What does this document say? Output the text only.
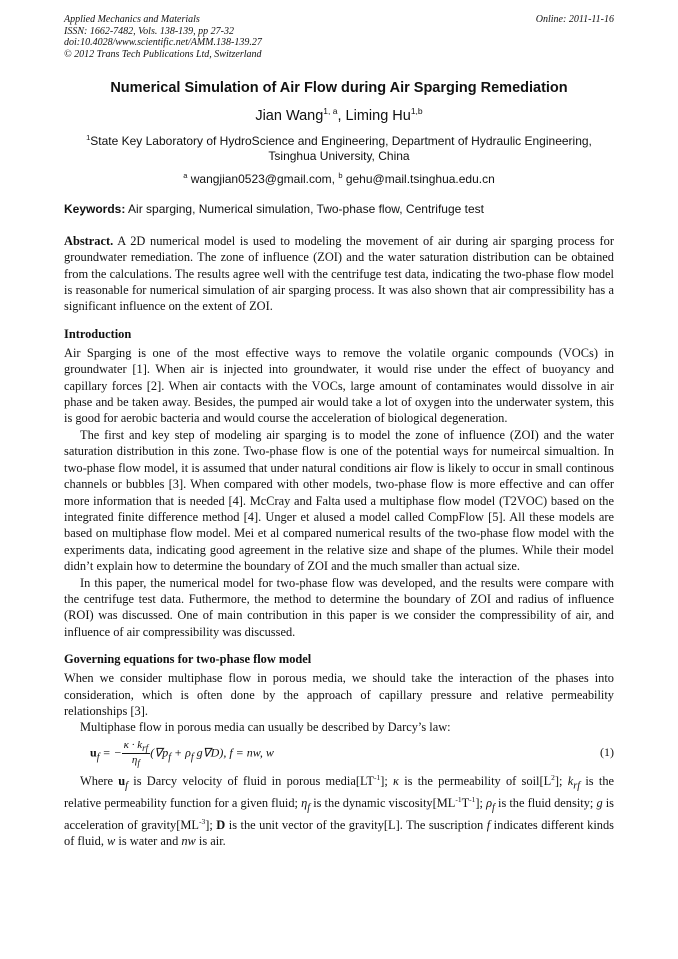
Applied Mechanics and Materials
ISSN: 1662-7482, Vols. 138-139, pp 27-32
doi:10.4028/www.scientific.net/AMM.138-139.27
© 2012 Trans Tech Publications Ltd, Switzerland
Online: 2011-11-16
Numerical Simulation of Air Flow during Air Sparging Remediation
Jian Wang$^{1, a}$, Liming Hu$^{1,b}$
$^1$State Key Laboratory of HydroScience and Engineering, Department of Hydraulic Engineering,
Tsinghua University, China
$^a$ wangjian0523@gmail.com, $^b$ gehu@mail.tsinghua.edu.cn
Keywords: Air sparging, Numerical simulation, Two-phase flow, Centrifuge test

Abstract. A 2D numerical model is used to modeling the movement of air during air sparging process for groundwater remediation. The zone of influence (ZOI) and the water saturation distribution can be obtained from the calculations. The results agree well with the centrifuge test data, indicating the two-phase flow model is reasonable for numerical simulation of air sparging process. It was also shown that air compressibility has a significant influence on the extent of ZOI.

Introduction

Air Sparging is one of the most effective ways to remove the volatile organic compounds (VOCs) in groundwater [1]. When air is injected into groundwater, it would rise under the effect of buoyancy and capillary forces [2]. When air contacts with the VOCs, large amount of contaminates would dissolve in air phase and be taken away. Besides, the pumped air would take a lot of oxygen into the underwater system, this is good for aerobic bacteria and would course the acceleration of biological degeneration.

The first and key step of modeling air sparging is to model the zone of influence (ZOI) and the water saturation distribution in this zone. Two-phase flow is one of the potential ways for numeircal simualtion. In two-phase flow model, it is assumed that under natural conditions air flow is likely to occur in small continous channels or bubbles [3]. When compared with other models, two-phase flow is more effective and can offer more information that is needed [4]. McCray and Falta used a multiphase flow model (T2VOC) based on the integrated finite difference method [4]. Unger et alused a model called CompFlow [5]. All these models are based on multiphase flow model. Mei et al compared numerical results of the two-phase flow model with the experiments data, indicating good agreement in the relative size and shape of the plumes. While their model didn’t explain how to determine the boundary of ZOI and the much smaller than actual size.

In this paper, the numerical model for two-phase flow was developed, and the results were compare with the centrifuge test data. Futhermore, the method to determine the boundary of ZOI and radius of influence (ROI) was discussed. One of main contribution in this paper is we consider the compressibility of air, and influence of air compressibility was discussed.

Governing equations for two-phase flow model

When we consider multiphase flow in porous media, we should take the interaction of the phases into consideration, which is often done by the approach of capillary pressure and relative permeability relationships [3].

Multiphase flow in porous media can usually be described by Darcy’s law:

$u_f$ = − $\frac{\kappa \cdot k_{rf}}{\eta_f} (\nabla p_f + \rho_f$ g∇D), f = nw, w	(1)

Where $u_f$ is Darcy velocity of fluid in porous $media[LT^{-1}]$; κ is the permeability of $soil[L^2]$; $k_{rf}$ is the relative permeability function for a given fluid; $\eta_f$ is the dynamic $viscosity[ML^{-1}T^{-1}]$; $\rho_f$ is the fluid density; g is acceleration of $gravity[ML^{-3}]$; D is the unit vector of the gravity[L]. The suscription f indicates different kinds of fluid, w is water and nw is air.
